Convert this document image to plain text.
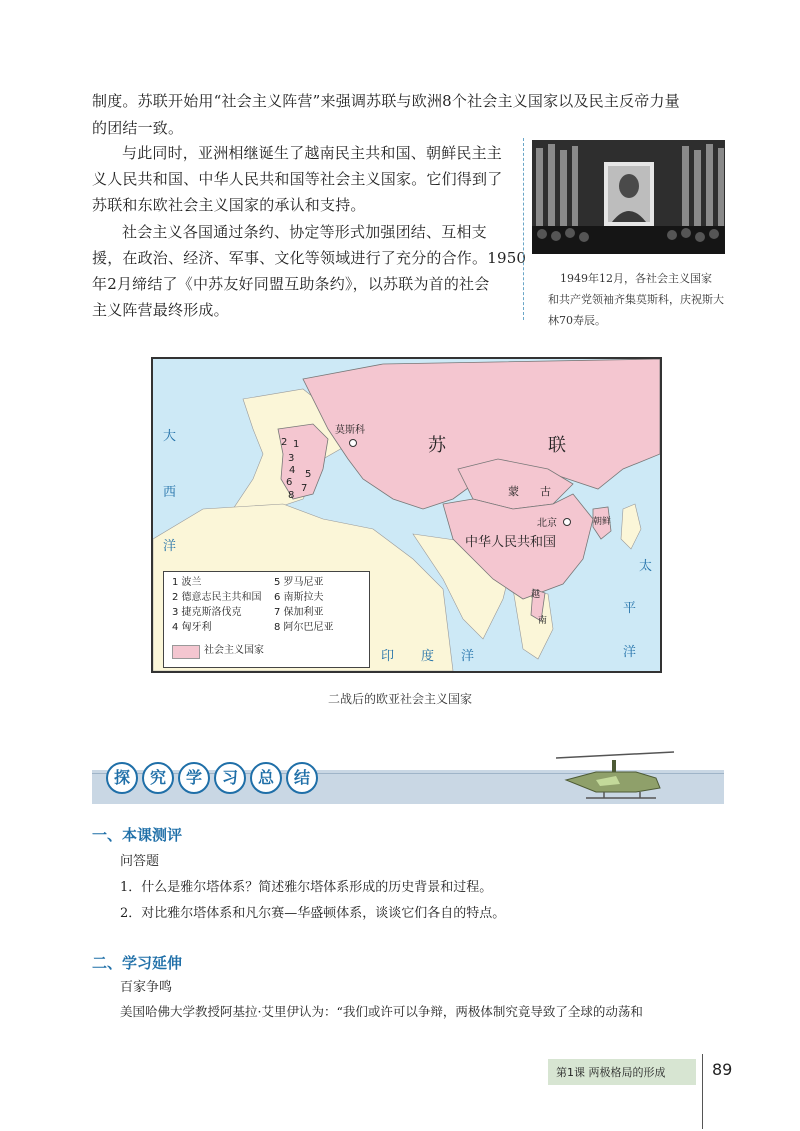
制度。苏联开始用“社会主义阵营”来强调苏联与欧洲8个社会主义国家以及民主反帝力量
的团结一致。
与此同时，亚洲相继诞生了越南民主共和国、朝鲜民主主
义人民共和国、中华人民共和国等社会主义国家。它们得到了
苏联和东欧社会主义国家的承认和支持。
社会主义各国通过条约、协定等形式加强团结、互相支
援，在政治、经济、军事、文化等领域进行了充分的合作。1950
年2月缔结了《中苏友好同盟互助条约》，以苏联为首的社会
主义阵营最终形成。
1949年12月，各社会主义国家
和共产党领袖齐集莫斯科，庆祝斯大
林70寿辰。
莫斯科
苏	联
蒙 古
北京	朝鲜
中华人民共和国
越
南
大
西
洋
太
平
洋
印 度 洋
2 1
3
4 5
6
7
8
1 波兰
2 德意志民主共和国
3 捷克斯洛伐克
4 匈牙利
5 罗马尼亚
6 南斯拉夫
7 保加利亚
8 阿尔巴尼亚
社会主义国家
二战后的欧亚社会主义国家
探	究	学	习	总	结
一、本课测评
问答题
1．什么是雅尔塔体系？简述雅尔塔体系形成的历史背景和过程。
2．对比雅尔塔体系和凡尔赛—华盛顿体系，谈谈它们各自的特点。
二、学习延伸
百家争鸣
美国哈佛大学教授阿基拉·艾里伊认为：“我们或许可以争辩，两极体制究竟导致了全球的动荡和
第1课 两极格局的形成	89
